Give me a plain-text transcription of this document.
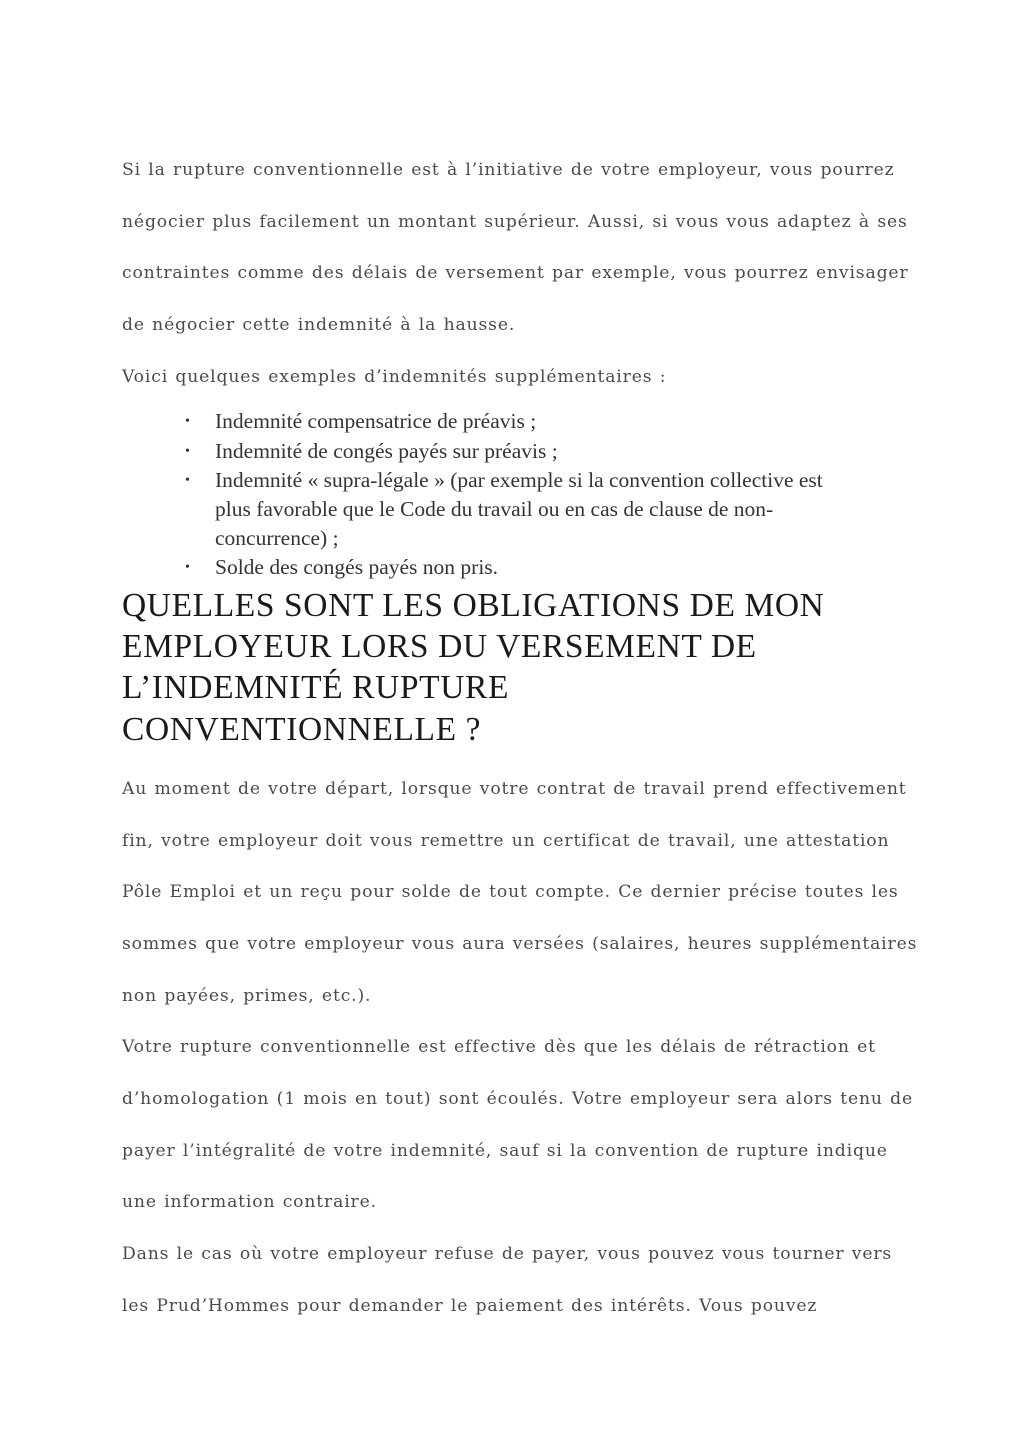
Si la rupture conventionnelle est à l’initiative de votre employeur, vous pourrez
négocier plus facilement un montant supérieur. Aussi, si vous vous adaptez à ses
contraintes comme des délais de versement par exemple, vous pourrez envisager
de négocier cette indemnité à la hausse.

Voici quelques exemples d’indemnités supplémentaires :

• Indemnité compensatrice de préavis ;
• Indemnité de congés payés sur préavis ;
• Indemnité « supra-légale » (par exemple si la convention collective est
plus favorable que le Code du travail ou en cas de clause de non-
concurrence) ;
• Solde des congés payés non pris.
QUELLES SONT LES OBLIGATIONS DE MON
EMPLOYEUR LORS DU VERSEMENT DE
L’INDEMNITÉ RUPTURE
CONVENTIONNELLE ?

Au moment de votre départ, lorsque votre contrat de travail prend effectivement
fin, votre employeur doit vous remettre un certificat de travail, une attestation
Pôle Emploi et un reçu pour solde de tout compte. Ce dernier précise toutes les
sommes que votre employeur vous aura versées (salaires, heures supplémentaires
non payées, primes, etc.).

Votre rupture conventionnelle est effective dès que les délais de rétraction et
d’homologation (1 mois en tout) sont écoulés. Votre employeur sera alors tenu de
payer l’intégralité de votre indemnité, sauf si la convention de rupture indique
une information contraire.

Dans le cas où votre employeur refuse de payer, vous pouvez vous tourner vers
les Prud’Hommes pour demander le paiement des intérêts. Vous pouvez
